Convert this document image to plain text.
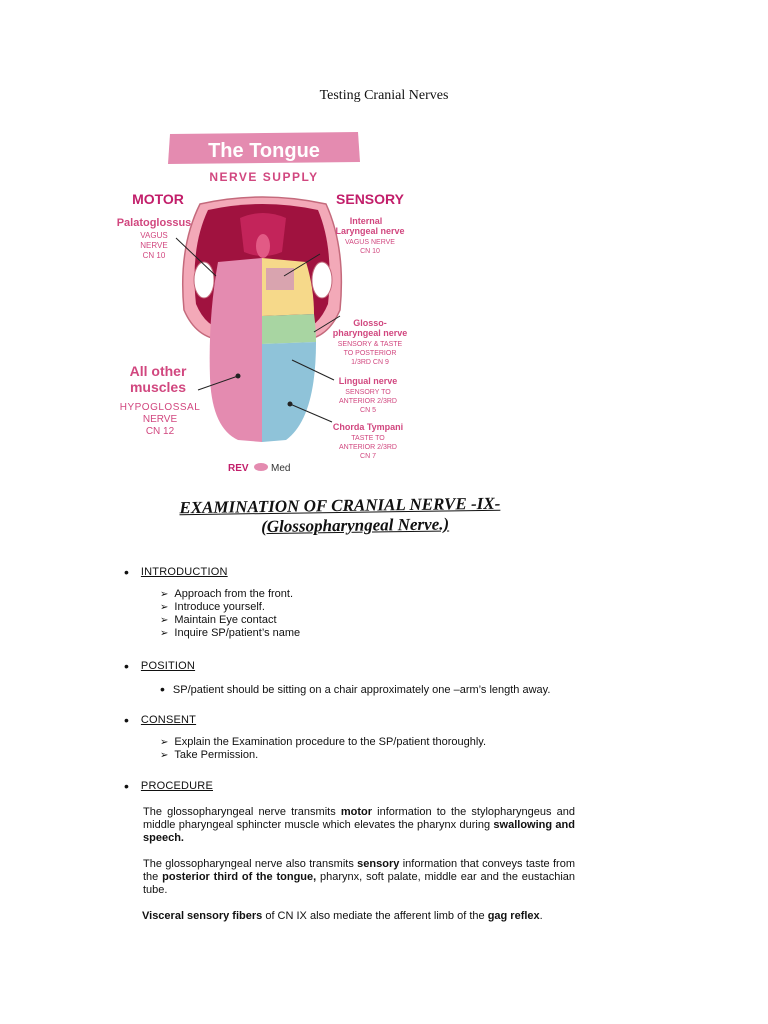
Testing Cranial Nerves
The Tongue
NERVE SUPPLY
MOTOR	SENSORY
Palatoglossus
VAGUS
NERVE
CN 10
All other
muscles
HYPOGLOSSAL
NERVE
CN 12
Internal
Laryngeal nerve
VAGUS NERVE
CN 10
Glosso-
pharyngeal nerve
SENSORY & TASTE
TO POSTERIOR
1/3RD CN 9
Lingual nerve
SENSORY TO
ANTERIOR 2/3RD
CN 5
Chorda Tympani
TASTE TO
ANTERIOR 2/3RD
CN 7
REV Med
EXAMINATION OF CRANIAL NERVE -IX-
(Glossopharyngeal Nerve.)
• INTRODUCTION
➢ Approach from the front.
➢ Introduce yourself.
➢ Maintain Eye contact
➢ Inquire SP/patient’s name
• POSITION
• SP/patient should be sitting on a chair approximately one –arm’s length away.
• CONSENT
➢ Explain the Examination procedure to the SP/patient thoroughly.
➢ Take Permission.
• PROCEDURE
The glossopharyngeal nerve transmits motor information to the stylopharyngeus and middle pharyngeal sphincter muscle which elevates the pharynx during swallowing and speech.
The glossopharyngeal nerve also transmits sensory information that conveys taste from the posterior third of the tongue, pharynx, soft palate, middle ear and the eustachian tube.
Visceral sensory fibers of CN IX also mediate the afferent limb of the gag reflex.
